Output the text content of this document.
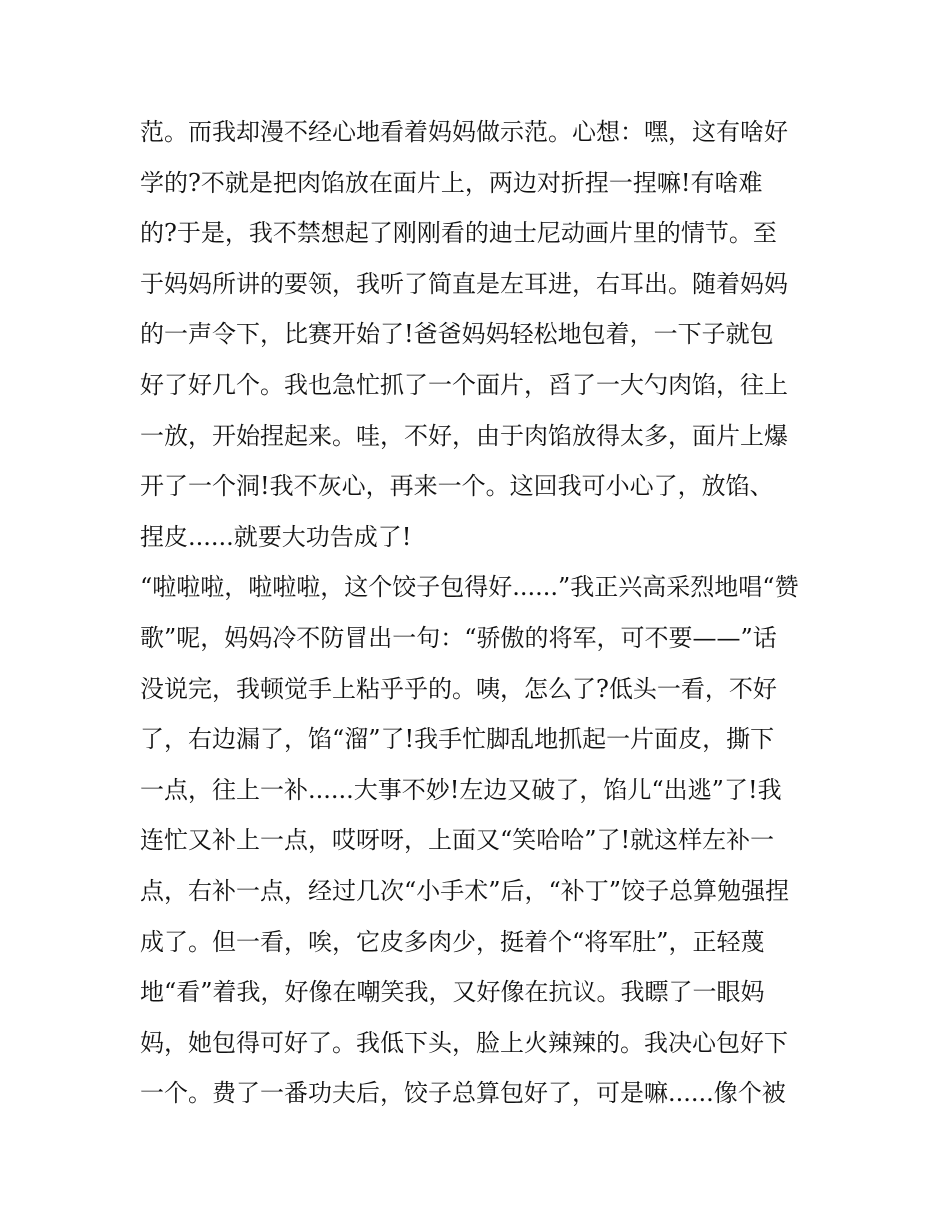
范。而我却漫不经心地看着妈妈做示范。心想：嘿，这有啥好
学的?不就是把肉馅放在面片上，两边对折捏一捏嘛!有啥难
的?于是，我不禁想起了刚刚看的迪士尼动画片里的情节。至
于妈妈所讲的要领，我听了简直是左耳进，右耳出。随着妈妈
的一声令下，比赛开始了!爸爸妈妈轻松地包着，一下子就包
好了好几个。我也急忙抓了一个面片，舀了一大勺肉馅，往上
一放，开始捏起来。哇，不好，由于肉馅放得太多，面片上爆
开了一个洞!我不灰心，再来一个。这回我可小心了，放馅、
捏皮......就要大功告成了!
“啦啦啦，啦啦啦，这个饺子包得好......”我正兴高采烈地唱“赞
歌”呢，妈妈冷不防冒出一句：“骄傲的将军，可不要——”话
没说完，我顿觉手上粘乎乎的。咦，怎么了?低头一看，不好
了，右边漏了，馅“溜”了!我手忙脚乱地抓起一片面皮，撕下
一点，往上一补......大事不妙!左边又破了，馅儿“出逃”了!我
连忙又补上一点，哎呀呀，上面又“笑哈哈”了!就这样左补一
点，右补一点，经过几次“小手术”后，“补丁”饺子总算勉强捏
成了。但一看，唉，它皮多肉少，挺着个“将军肚”，正轻蔑
地“看”着我，好像在嘲笑我，又好像在抗议。我瞟了一眼妈
妈，她包得可好了。我低下头，脸上火辣辣的。我决心包好下
一个。费了一番功夫后，饺子总算包好了，可是嘛......像个被
